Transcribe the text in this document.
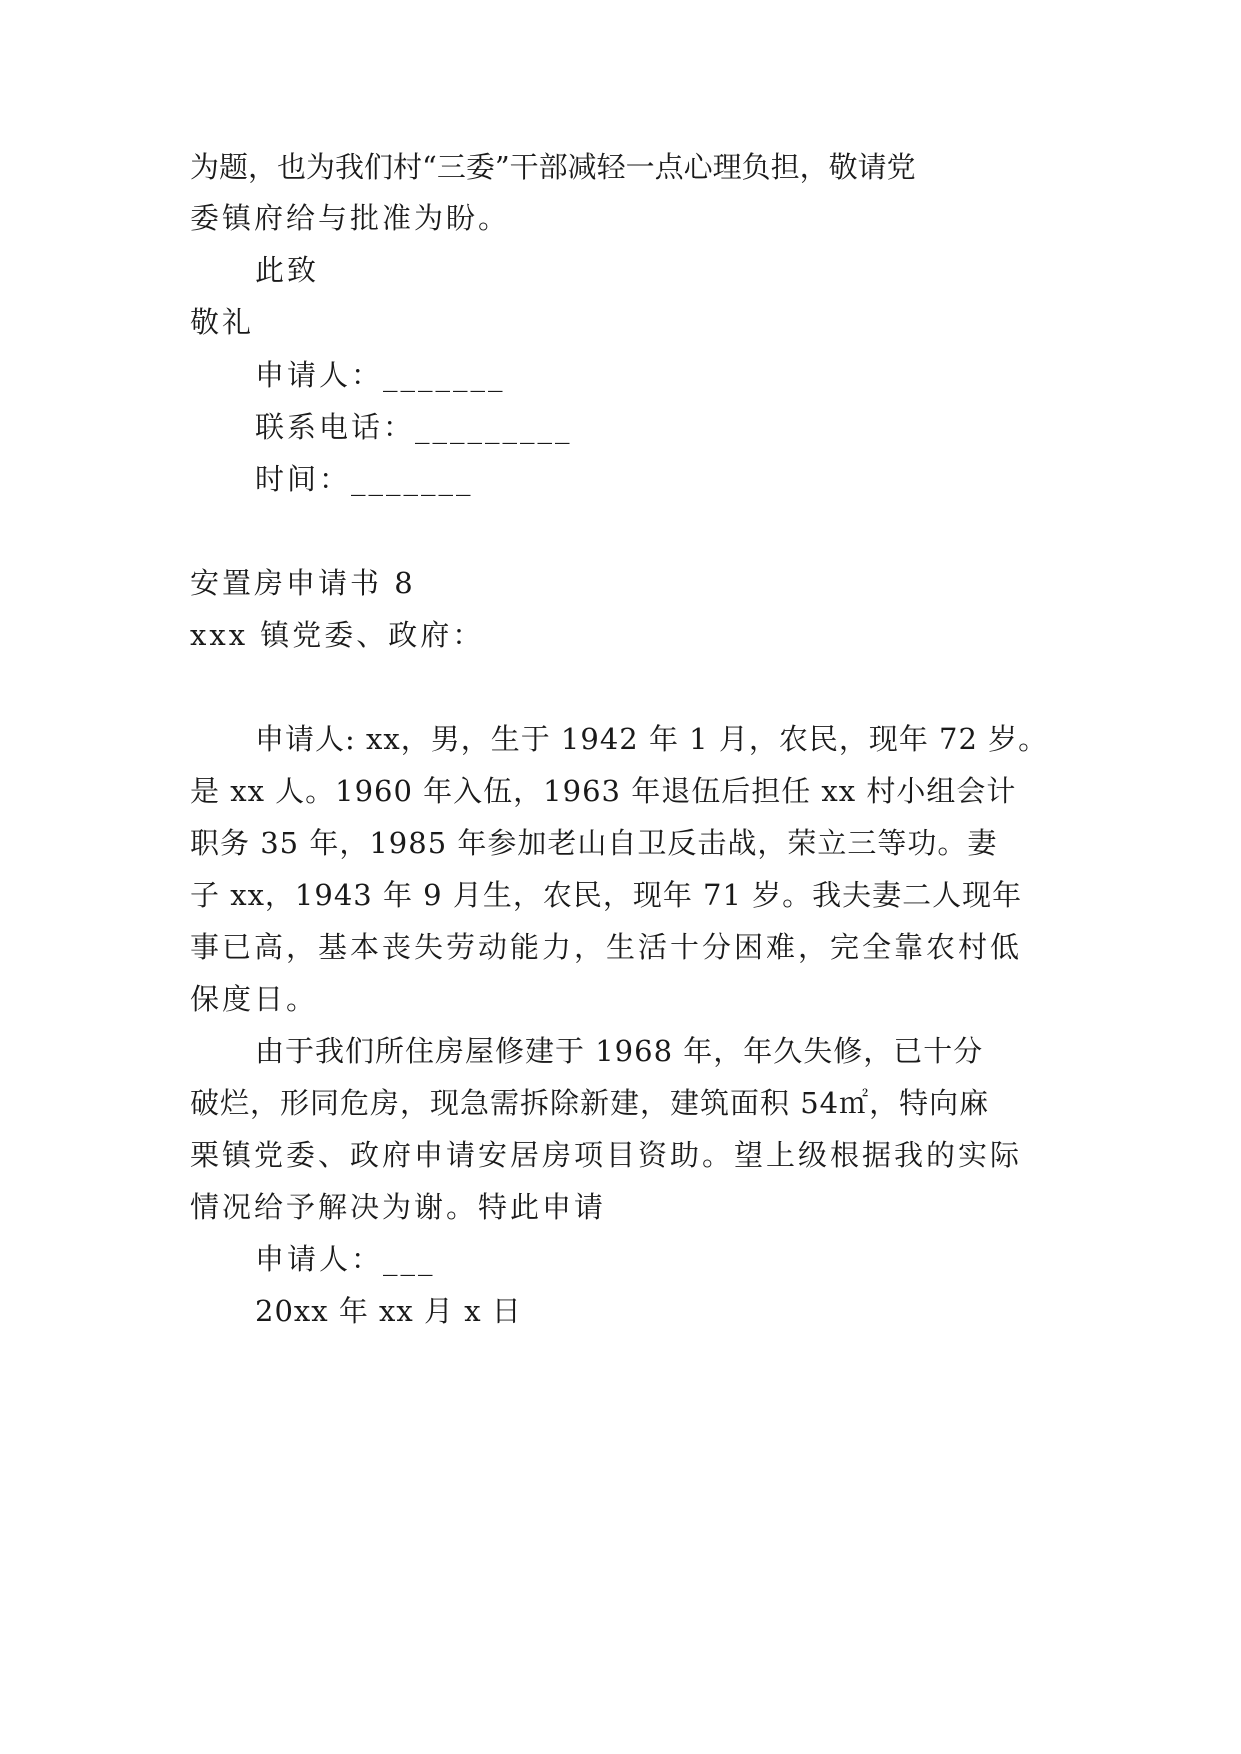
为题，也为我们村“三委”干部减轻一点心理负担，敬请党
委镇府给与批准为盼。
此致
敬礼
申请人：_______
联系电话：_________
时间：_______
安置房申请书 8
xxx 镇党委、政府：
申请人: xx，男，生于 1942 年 1 月，农民，现年 72 岁。
是 xx 人。1960 年入伍，1963 年退伍后担任 xx 村小组会计
职务 35 年，1985 年参加老山自卫反击战，荣立三等功。妻
子 xx，1943 年 9 月生，农民，现年 71 岁。我夫妻二人现年
事已高，基本丧失劳动能力，生活十分困难，完全靠农村低
保度日。
由于我们所住房屋修建于 1968 年，年久失修，已十分
破烂，形同危房，现急需拆除新建，建筑面积 54㎡，特向麻
栗镇党委、政府申请安居房项目资助。望上级根据我的实际
情况给予解决为谢。特此申请
申请人：___
20xx 年 xx 月 x 日
